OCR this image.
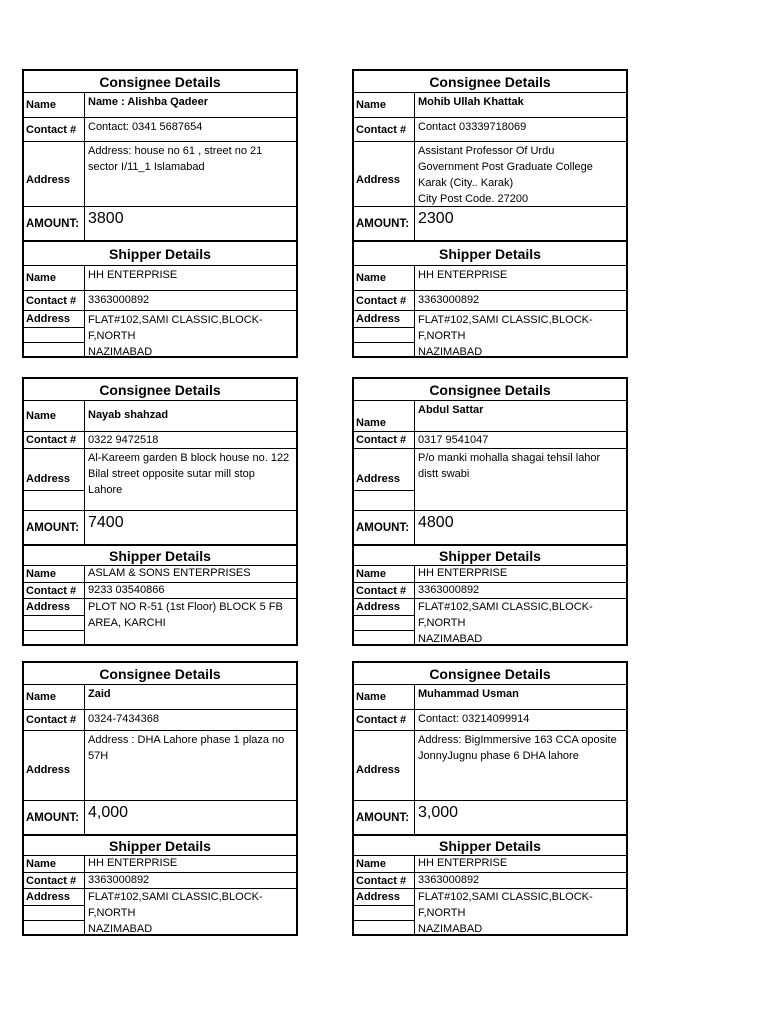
Consignee Details
Name	Name : Alishba Qadeer
Contact #	Contact: 0341 5687654
Address
Address: house no 61 , street no 21
sector I/11_1 Islamabad
AMOUNT: 3800
Shipper Details
Name	HH ENTERPRISE
Contact #	3363000892
Address	FLAT#102,SAMI CLASSIC,BLOCK-F,NORTH
NAZIMABAD
Consignee Details
Name	Mohib Ullah Khattak
Contact #	Contact 03339718069
Address
Assistant Professor Of Urdu
Government Post Graduate College
Karak (City.. Karak)
City Post Code. 27200
AMOUNT: 2300
Shipper Details
Name	HH ENTERPRISE
Contact #	3363000892
Address	FLAT#102,SAMI CLASSIC,BLOCK-F,NORTH
NAZIMABAD
Consignee Details
Name	Nayab shahzad
Contact #	0322 9472518
Address
Al-Kareem garden B block house no. 122
Bilal street opposite sutar mill stop
Lahore
AMOUNT: 7400
Shipper Details
Name	ASLAM & SONS ENTERPRISES
Contact #	9233 03540866
Address	PLOT NO R-51 (1st Floor) BLOCK 5 FB
AREA, KARCHI
Consignee Details
Name
Abdul Sattar
Contact #	0317 9541047
Address
P/o manki mohalla shagai tehsil lahor
distt swabi
AMOUNT: 4800
Shipper Details
Name	HH ENTERPRISE
Contact #	3363000892
Address	FLAT#102,SAMI CLASSIC,BLOCK-F,NORTH
NAZIMABAD
Consignee Details
Name	Zaid
Contact #	0324-7434368
Address
Address : DHA Lahore phase 1 plaza no
57H
AMOUNT: 4,000
Shipper Details
Name	HH ENTERPRISE
Contact #	3363000892
Address	FLAT#102,SAMI CLASSIC,BLOCK-F,NORTH
NAZIMABAD
Consignee Details
Name	Muhammad Usman
Contact #	Contact: 03214099914
Address
Address: BigImmersive 163 CCA oposite
JonnyJugnu phase 6 DHA lahore
AMOUNT: 3,000
Shipper Details
Name	HH ENTERPRISE
Contact #	3363000892
Address	FLAT#102,SAMI CLASSIC,BLOCK-F,NORTH
NAZIMABAD
